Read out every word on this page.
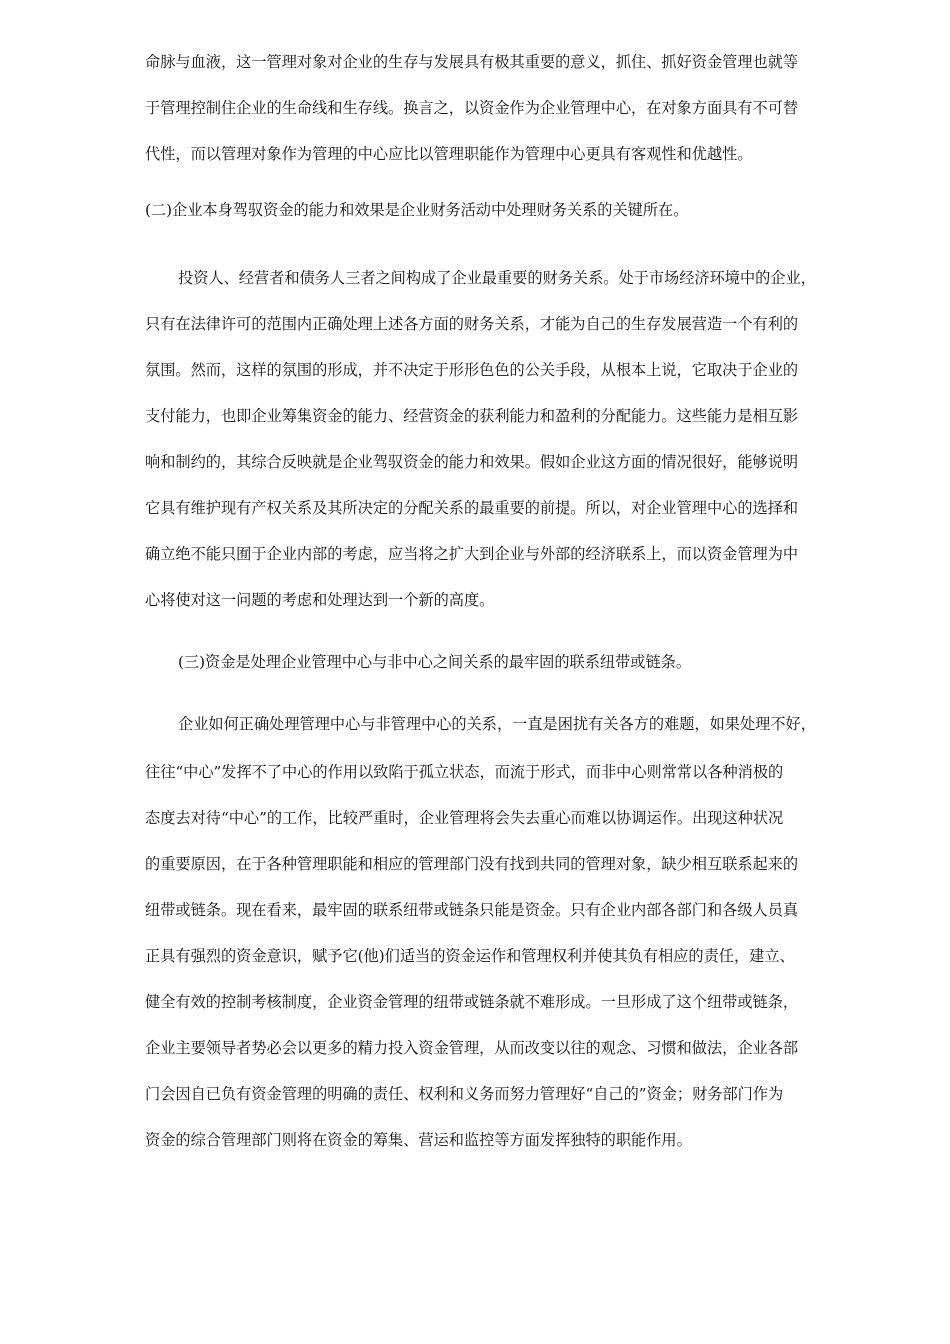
命脉与血液，这一管理对象对企业的生存与发展具有极其重要的意义，抓住、抓好资金管理也就等
于管理控制住企业的生命线和生存线。换言之，以资金作为企业管理中心，在对象方面具有不可替
代性，而以管理对象作为管理的中心应比以管理职能作为管理中心更具有客观性和优越性。
(二)企业本身驾驭资金的能力和效果是企业财务活动中处理财务关系的关键所在。
投资人、经营者和债务人三者之间构成了企业最重要的财务关系。处于市场经济环境中的企业，
只有在法律许可的范围内正确处理上述各方面的财务关系，才能为自己的生存发展营造一个有利的
氛围。然而，这样的氛围的形成，并不决定于形形色色的公关手段，从根本上说，它取决于企业的
支付能力，也即企业筹集资金的能力、经营资金的获利能力和盈利的分配能力。这些能力是相互影
响和制约的，其综合反映就是企业驾驭资金的能力和效果。假如企业这方面的情况很好，能够说明
它具有维护现有产权关系及其所决定的分配关系的最重要的前提。所以，对企业管理中心的选择和
确立绝不能只囿于企业内部的考虑，应当将之扩大到企业与外部的经济联系上，而以资金管理为中
心将使对这一问题的考虑和处理达到一个新的高度。
(三)资金是处理企业管理中心与非中心之间关系的最牢固的联系纽带或链条。
企业如何正确处理管理中心与非管理中心的关系，一直是困扰有关各方的难题，如果处理不好，
往往“中心”发挥不了中心的作用以致陷于孤立状态，而流于形式，而非中心则常常以各种消极的
态度去对待“中心”的工作，比较严重时，企业管理将会失去重心而难以协调运作。出现这种状况
的重要原因，在于各种管理职能和相应的管理部门没有找到共同的管理对象，缺少相互联系起来的
纽带或链条。现在看来，最牢固的联系纽带或链条只能是资金。只有企业内部各部门和各级人员真
正具有强烈的资金意识，赋予它(他)们适当的资金运作和管理权利并使其负有相应的责任，建立、
健全有效的控制考核制度，企业资金管理的纽带或链条就不难形成。一旦形成了这个纽带或链条，
企业主要领导者势必会以更多的精力投入资金管理，从而改变以往的观念、习惯和做法，企业各部
门会因自已负有资金管理的明确的责任、权利和义务而努力管理好“自己的”资金；财务部门作为
资金的综合管理部门则将在资金的筹集、营运和监控等方面发挥独特的职能作用。
